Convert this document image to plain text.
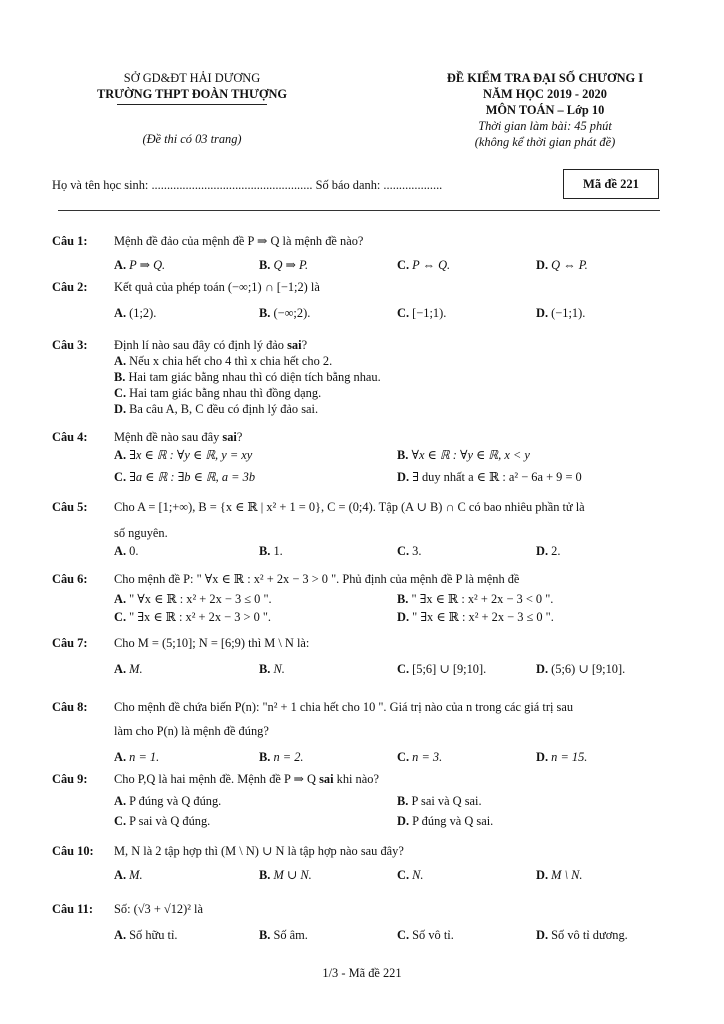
SỞ GD&ĐT HẢI DƯƠNG
TRƯỜNG THPT ĐOÀN THƯỢNG
(Đề thi có 03 trang)
ĐỀ KIỂM TRA ĐẠI SỐ CHƯƠNG I
NĂM HỌC 2019 - 2020
MÔN TOÁN – Lớp 10
Thời gian làm bài: 45 phút
(không kể thời gian phát đề)
Họ và tên học sinh: .................................................... Số báo danh: ...................	Mã đề 221
Câu 1: Mệnh đề đảo của mệnh đề P ⇒ Q là mệnh đề nào?
A. P ⇒ Q.	B. Q ⇒ P.	C. P ⇔ Q.	D. Q ⇔ P.
Câu 2: Kết quả của phép toán (−∞;1) ∩ [−1;2) là
A. (1;2).	B. (−∞;2).	C. [−1;1).	D. (−1;1).
Câu 3: Định lí nào sau đây có định lý đảo sai?
A. Nếu x chia hết cho 4 thì x chia hết cho 2.
B. Hai tam giác bằng nhau thì có diện tích bằng nhau.
C. Hai tam giác bằng nhau thì đồng dạng.
D. Ba câu A, B, C đều có định lý đảo sai.
Câu 4: Mệnh đề nào sau đây sai?
A. ∃x ∈ ℝ : ∀y ∈ ℝ, y = xy	B. ∀x ∈ ℝ : ∀y ∈ ℝ, x < y
C. ∃a ∈ ℝ : ∃b ∈ ℝ, a = 3b	D. ∃ duy nhất a ∈ ℝ : a² − 6a + 9 = 0
Câu 5: Cho A = [1;+∞), B = {x ∈ ℝ | x² + 1 = 0}, C = (0;4). Tập (A ∪ B) ∩ C có bao nhiêu phần tử là
số nguyên.
A. 0.	B. 1.	C. 3.	D. 2.
Câu 6: Cho mệnh đề P: " ∀x ∈ ℝ : x² + 2x − 3 > 0 ". Phủ định của mệnh đề P là mệnh đề
A. " ∀x ∈ ℝ : x² + 2x − 3 ≤ 0 ".	B. " ∃x ∈ ℝ : x² + 2x − 3 < 0 ".
C. " ∃x ∈ ℝ : x² + 2x − 3 > 0 ".	D. " ∃x ∈ ℝ : x² + 2x − 3 ≤ 0 ".
Câu 7: Cho M = (5;10]; N = [6;9) thì M \ N là:
A. M.	B. N.	C. [5;6] ∪ [9;10].	D. (5;6) ∪ [9;10].
Câu 8: Cho mệnh đề chứa biến P(n): "n² + 1 chia hết cho 10 ". Giá trị nào của n trong các giá trị sau
làm cho P(n) là mệnh đề đúng?
A. n = 1.	B. n = 2.	C. n = 3.	D. n = 15.
Câu 9: Cho P,Q là hai mệnh đề. Mệnh đề P ⇒ Q sai khi nào?
A. P đúng và Q đúng.	B. P sai và Q sai.
C. P sai và Q đúng.	D. P đúng và Q sai.
Câu 10: M, N là 2 tập hợp thì (M \ N) ∪ N là tập hợp nào sau đây?
A. M.	B. M ∪ N.	C. N.	D. M \ N.
Câu 11: Số: (√3 + √12)² là
A. Số hữu tỉ.	B. Số âm.	C. Số vô tỉ.	D. Số vô tỉ dương.
1/3 - Mã đề 221
